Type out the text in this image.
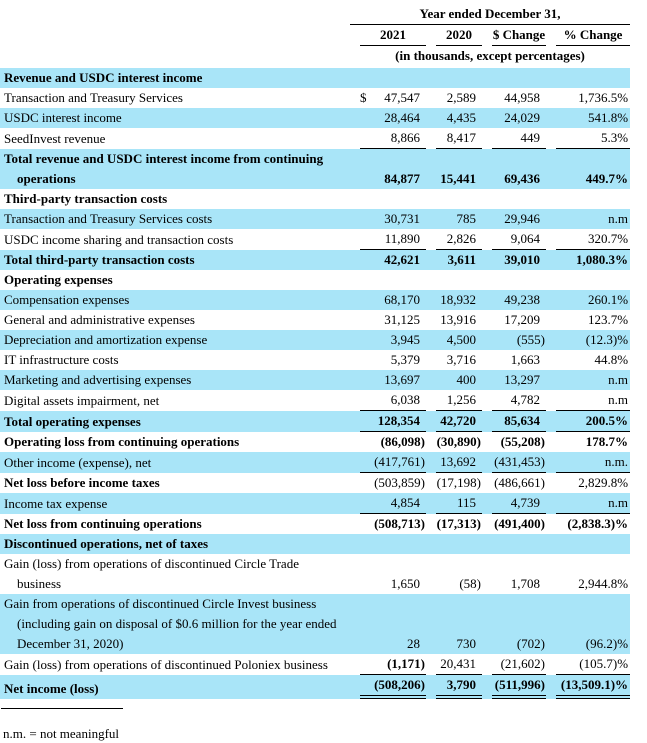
	Year ended December 31,			

	2021	2020	$ Change	% Change

	(in thousands, except percentages)			

Revenue and USDC interest income				
Transaction and Treasury Services	$ 47,547	2,589	44,958	1,736.5%

USDC interest income	28,464	4,435	24,029	541.8%

SeedInvest revenue	8,866	8,417	449	5.3%

Total revenue and USDC interest income from continuing operations	84,877	15,441	69,436	449.7%

Third-party transaction costs				
Transaction and Treasury Services costs	30,731	785	29,946	n.m

USDC income sharing and transaction costs	11,890	2,826	9,064	320.7%

Total third-party transaction costs	42,621	3,611	39,010	1,080.3%

Operating expenses				
Compensation expenses	68,170	18,932	49,238	260.1%

General and administrative expenses	31,125	13,916	17,209	123.7%

Depreciation and amortization expense	3,945	4,500	(555)	(12.3)%

IT infrastructure costs	5,379	3,716	1,663	44.8%

Marketing and advertising expenses	13,697	400	13,297	n.m

Digital assets impairment, net	6,038	1,256	4,782	n.m

Total operating expenses	128,354	42,720	85,634	200.5%

Operating loss from continuing operations	(86,098)	(30,890)	(55,208)	178.7%

Other income (expense), net	(417,761)	13,692	(431,453)	n.m.

Net loss before income taxes	(503,859)	(17,198)	(486,661)	2,829.8%

Income tax expense	4,854	115	4,739	n.m

Net loss from continuing operations	(508,713)	(17,313)	(491,400)	(2,838.3)%

Discontinued operations, net of taxes				
Gain (loss) from operations of discontinued Circle Trade business	1,650	(58)	1,708	2,944.8%

Gain from operations of discontinued Circle Invest business (including gain on disposal of $0.6 million for the year ended December 31, 2020)	28	730	(702)	(96.2)%

Gain (loss) from operations of discontinued Poloniex business	(1,171)	20,431	(21,602)	(105.7)%

Net income (loss)	(508,206)	3,790	(511,996)	(13,509.1)%
n.m. = not meaningful
